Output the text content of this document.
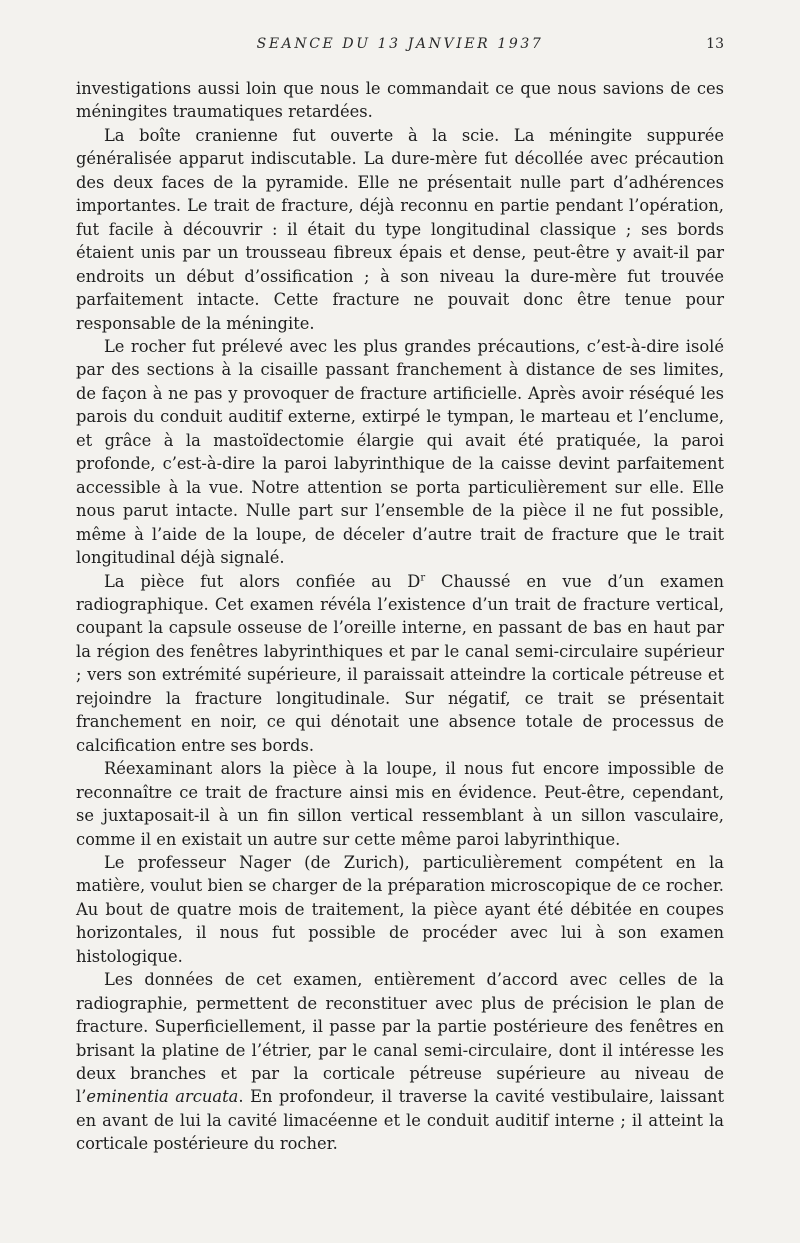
SEANCE DU 13 JANVIER 1937	13

investigations aussi loin que nous le commandait ce que nous savions de ces méningites traumatiques retardées.

La boîte cranienne fut ouverte à la scie. La méningite suppurée généralisée apparut indiscutable. La dure-mère fut décollée avec précaution des deux faces de la pyramide. Elle ne présentait nulle part d’adhérences importantes. Le trait de fracture, déjà reconnu en partie pendant l’opération, fut facile à découvrir : il était du type longitudinal classique ; ses bords étaient unis par un trousseau fibreux épais et dense, peut-être y avait-il par endroits un début d’ossification ; à son niveau la dure-mère fut trouvée parfaitement intacte. Cette fracture ne pouvait donc être tenue pour responsable de la méningite.

Le rocher fut prélevé avec les plus grandes précautions, c’est-à-dire isolé par des sections à la cisaille passant franchement à distance de ses limites, de façon à ne pas y provoquer de fracture artificielle. Après avoir réséqué les parois du conduit auditif externe, extirpé le tympan, le marteau et l’enclume, et grâce à la mastoïdectomie élargie qui avait été pratiquée, la paroi profonde, c’est-à-dire la paroi labyrinthique de la caisse devint parfaitement accessible à la vue. Notre attention se porta particulièrement sur elle. Elle nous parut intacte. Nulle part sur l’ensemble de la pièce il ne fut possible, même à l’aide de la loupe, de déceler d’autre trait de fracture que le trait longitudinal déjà signalé.

La pièce fut alors confiée au $D^r$ Chaussé en vue d’un examen radiographique. Cet examen révéla l’existence d’un trait de fracture vertical, coupant la capsule osseuse de l’oreille interne, en passant de bas en haut par la région des fenêtres labyrinthiques et par le canal semi-circulaire supérieur ; vers son extrémité supérieure, il paraissait atteindre la corticale pétreuse et rejoindre la fracture longitudinale. Sur négatif, ce trait se présentait franchement en noir, ce qui dénotait une absence totale de processus de calcification entre ses bords.

Réexaminant alors la pièce à la loupe, il nous fut encore impossible de reconnaître ce trait de fracture ainsi mis en évidence. Peut-être, cependant, se juxtaposait-il à un fin sillon vertical ressemblant à un sillon vasculaire, comme il en existait un autre sur cette même paroi labyrinthique.

Le professeur Nager (de Zurich), particulièrement compétent en la matière, voulut bien se charger de la préparation microscopique de ce rocher. Au bout de quatre mois de traitement, la pièce ayant été débitée en coupes horizontales, il nous fut possible de procéder avec lui à son examen histologique.

Les données de cet examen, entièrement d’accord avec celles de la radiographie, permettent de reconstituer avec plus de précision le plan de fracture. Superficiellement, il passe par la partie postérieure des fenêtres en brisant la platine de l’étrier, par le canal semi-circulaire, dont il intéresse les deux branches et par la corticale pétreuse supérieure au niveau de l’eminentia arcuata. En profondeur, il traverse la cavité vestibulaire, laissant en avant de lui la cavité limacéenne et le conduit auditif interne ; il atteint la corticale postérieure du rocher.
